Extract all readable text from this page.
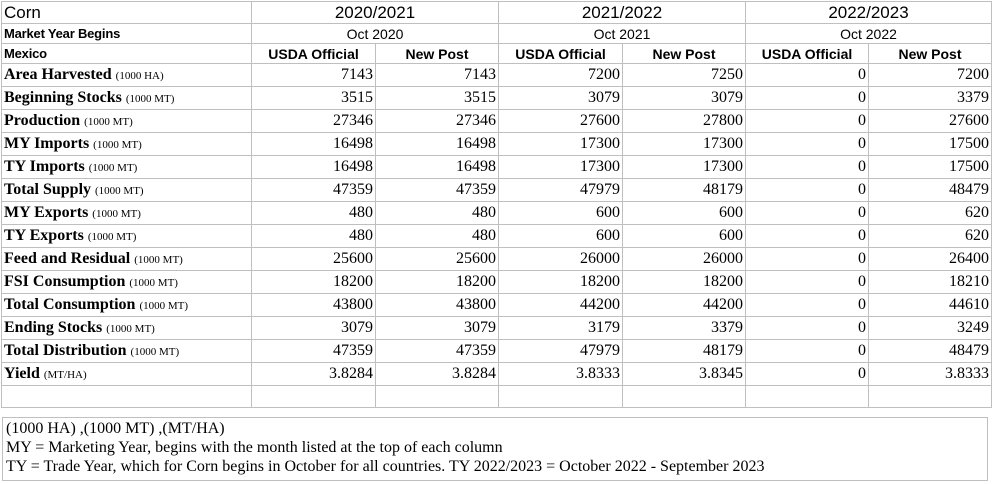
Corn	2020/2021		2021/2022		2022/2023	
Market Year Begins	Oct 2020		Oct 2021		Oct 2022	
Mexico	USDA Official	New Post	USDA Official	New Post	USDA Official	New Post
Area Harvested (1000 HA)	7143	7143	7200	7250	0	7200
Beginning Stocks (1000 MT)	3515	3515	3079	3079	0	3379
Production (1000 MT)	27346	27346	27600	27800	0	27600
MY Imports (1000 MT)	16498	16498	17300	17300	0	17500
TY Imports (1000 MT)	16498	16498	17300	17300	0	17500
Total Supply (1000 MT)	47359	47359	47979	48179	0	48479
MY Exports (1000 MT)	480	480	600	600	0	620
TY Exports (1000 MT)	480	480	600	600	0	620
Feed and Residual (1000 MT)	25600	25600	26000	26000	0	26400
FSI Consumption (1000 MT)	18200	18200	18200	18200	0	18210
Total Consumption (1000 MT)	43800	43800	44200	44200	0	44610
Ending Stocks (1000 MT)	3079	3079	3179	3379	0	3249
Total Distribution (1000 MT)	47359	47359	47979	48179	0	48479
Yield (MT/HA)	3.8284	3.8284	3.8333	3.8345	0	3.8333

(1000 HA) ,(1000 MT) ,(MT/HA)
MY = Marketing Year, begins with the month listed at the top of each column
TY = Trade Year, which for Corn begins in October for all countries. TY 2022/2023 = October 2022 - September 2023
